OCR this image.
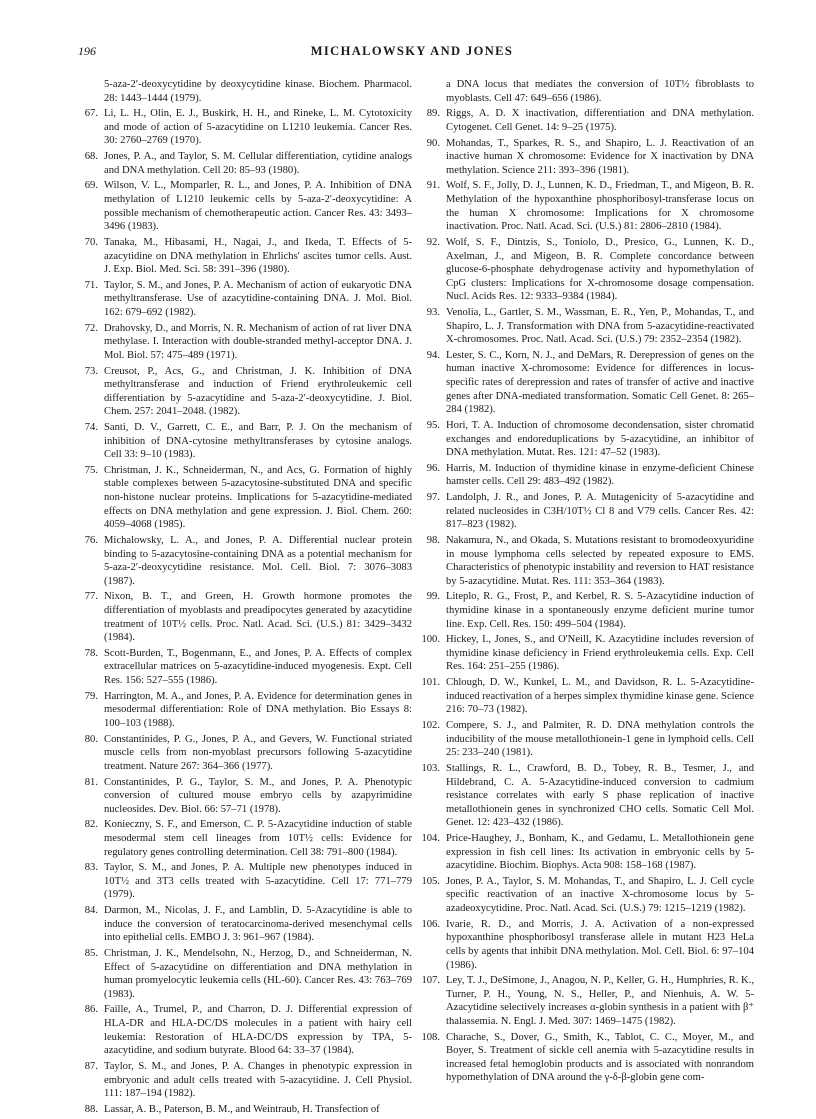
196	MICHALOWSKY AND JONES
5-aza-2′-deoxycytidine by deoxycytidine kinase. Biochem. Pharmacol. 28: 1443–1444 (1979).
67. Li, L. H., Olin, E. J., Buskirk, H. H., and Rineke, L. M. Cytotoxicity and mode of action of 5-azacytidine on L1210 leukemia. Cancer Res. 30: 2760–2769 (1970).
68. Jones, P. A., and Taylor, S. M. Cellular differentiation, cytidine analogs and DNA methylation. Cell 20: 85–93 (1980).
69. Wilson, V. L., Momparler, R. L., and Jones, P. A. Inhibition of DNA methylation of L1210 leukemic cells by 5-aza-2′-deoxycytidine: A possible mechanism of chemotherapeutic action. Cancer Res. 43: 3493–3496 (1983).
70. Tanaka, M., Hibasami, H., Nagai, J., and Ikeda, T. Effects of 5-azacytidine on DNA methylation in Ehrlichs' ascites tumor cells. Aust. J. Exp. Biol. Med. Sci. 58: 391–396 (1980).
71. Taylor, S. M., and Jones, P. A. Mechanism of action of eukaryotic DNA methyltransferase. Use of azacytidine-containing DNA. J. Mol. Biol. 162: 679–692 (1982).
72. Drahovsky, D., and Morris, N. R. Mechanism of action of rat liver DNA methylase. I. Interaction with double-stranded methyl-acceptor DNA. J. Mol. Biol. 57: 475–489 (1971).
73. Creusot, P., Acs, G., and Christman, J. K. Inhibition of DNA methyltransferase and induction of Friend erythroleukemic cell differentiation by 5-azacytidine and 5-aza-2′-deoxycytidine. J. Biol. Chem. 257: 2041–2048. (1982).
74. Santi, D. V., Garrett, C. E., and Barr, P. J. On the mechanism of inhibition of DNA-cytosine methyltransferases by cytosine analogs. Cell 33: 9–10 (1983).
75. Christman, J. K., Schneiderman, N., and Acs, G. Formation of highly stable complexes between 5-azacytosine-substituted DNA and specific non-histone nuclear proteins. Implications for 5-azacytidine-mediated effects on DNA methylation and gene expression. J. Biol. Chem. 260: 4059–4068 (1985).
76. Michalowsky, L. A., and Jones, P. A. Differential nuclear protein binding to 5-azacytosine-containing DNA as a potential mechanism for 5-aza-2′-deoxycytidine resistance. Mol. Cell. Biol. 7: 3076–3083 (1987).
77. Nixon, B. T., and Green, H. Growth hormone promotes the differentiation of myoblasts and preadipocytes generated by azacytidine treatment of 10T½ cells. Proc. Natl. Acad. Sci. (U.S.) 81: 3429–3432 (1984).
78. Scott-Burden, T., Bogenmann, E., and Jones, P. A. Effects of complex extracellular matrices on 5-azacytidine-induced myogenesis. Expt. Cell Res. 156: 527–555 (1986).
79. Harrington, M. A., and Jones, P. A. Evidence for determination genes in mesodermal differentiation: Role of DNA methylation. Bio Essays 8: 100–103 (1988).
80. Constantinides, P. G., Jones, P. A., and Gevers, W. Functional striated muscle cells from non-myoblast precursors following 5-azacytidine treatment. Nature 267: 364–366 (1977).
81. Constantinides, P. G., Taylor, S. M., and Jones, P. A. Phenotypic conversion of cultured mouse embryo cells by azapyrimidine nucleosides. Dev. Biol. 66: 57–71 (1978).
82. Konieczny, S. F., and Emerson, C. P. 5-Azacytidine induction of stable mesodermal stem cell lineages from 10T½ cells: Evidence for regulatory genes controlling determination. Cell 38: 791–800 (1984).
83. Taylor, S. M., and Jones, P. A. Multiple new phenotypes induced in 10T½ and 3T3 cells treated with 5-azacytidine. Cell 17: 771–779 (1979).
84. Darmon, M., Nicolas, J. F., and Lamblin, D. 5-Azacytidine is able to induce the conversion of teratocarcinoma-derived mesenchymal cells into epithelial cells. EMBO J. 3: 961–967 (1984).
85. Christman, J. K., Mendelsohn, N., Herzog, D., and Schneiderman, N. Effect of 5-azacytidine on differentiation and DNA methylation in human promyelocytic leukemia cells (HL-60). Cancer Res. 43: 763–769 (1983).
86. Faille, A., Trumel, P., and Charron, D. J. Differential expression of HLA-DR and HLA-DC/DS molecules in a patient with hairy cell leukemia: Restoration of HLA-DC/DS expression by TPA, 5-azacytidine, and sodium butyrate. Blood 64: 33–37 (1984).
87. Taylor, S. M., and Jones, P. A. Changes in phenotypic expression in embryonic and adult cells treated with 5-azacytidine. J. Cell Physiol. 111: 187–194 (1982).
88. Lassar, A. B., Paterson, B. M., and Weintraub, H. Transfection of
a DNA locus that mediates the conversion of 10T½ fibroblasts to myoblasts. Cell 47: 649–656 (1986).
89. Riggs, A. D. X inactivation, differentiation and DNA methylation. Cytogenet. Cell Genet. 14: 9–25 (1975).
90. Mohandas, T., Sparkes, R. S., and Shapiro, L. J. Reactivation of an inactive human X chromosome: Evidence for X inactivation by DNA methylation. Science 211: 393–396 (1981).
91. Wolf, S. F., Jolly, D. J., Lunnen, K. D., Friedman, T., and Migeon, B. R. Methylation of the hypoxanthine phosphoribosyl-transferase locus on the human X chromosome: Implications for X chromosome inactivation. Proc. Natl. Acad. Sci. (U.S.) 81: 2806–2810 (1984).
92. Wolf, S. F., Dintzis, S., Toniolo, D., Presico, G., Lunnen, K. D., Axelman, J., and Migeon, B. R. Complete concordance between glucose-6-phosphate dehydrogenase activity and hypomethylation of CpG clusters: Implications for X-chromosome dosage compensation. Nucl. Acids Res. 12: 9333–9384 (1984).
93. Venolia, L., Gartler, S. M., Wassman, E. R., Yen, P., Mohandas, T., and Shapiro, L. J. Transformation with DNA from 5-azacytidine-reactivated X-chromosomes. Proc. Natl. Acad. Sci. (U.S.) 79: 2352–2354 (1982).
94. Lester, S. C., Korn, N. J., and DeMars, R. Derepression of genes on the human inactive X-chromosome: Evidence for differences in locus-specific rates of derepression and rates of transfer of active and inactive genes after DNA-mediated transformation. Somatic Cell Genet. 8: 265–284 (1982).
95. Hori, T. A. Induction of chromosome decondensation, sister chromatid exchanges and endoreduplications by 5-azacytidine, an inhibitor of DNA methylation. Mutat. Res. 121: 47–52 (1983).
96. Harris, M. Induction of thymidine kinase in enzyme-deficient Chinese hamster cells. Cell 29: 483–492 (1982).
97. Landolph, J. R., and Jones, P. A. Mutagenicity of 5-azacytidine and related nucleosides in C3H/10T½ Cl 8 and V79 cells. Cancer Res. 42: 817–823 (1982).
98. Nakamura, N., and Okada, S. Mutations resistant to bromodeoxyuridine in mouse lymphoma cells selected by repeated exposure to EMS. Characteristics of phenotypic instability and reversion to HAT resistance by 5-azacytidine. Mutat. Res. 111: 353–364 (1983).
99. Liteplo, R. G., Frost, P., and Kerbel, R. S. 5-Azacytidine induction of thymidine kinase in a spontaneously enzyme deficient murine tumor line. Exp. Cell. Res. 150: 499–504 (1984).
100. Hickey, I., Jones, S., and O'Neill, K. Azacytidine includes reversion of thymidine kinase deficiency in Friend erythroleukemia cells. Exp. Cell Res. 164: 251–255 (1986).
101. Chlough, D. W., Kunkel, L. M., and Davidson, R. L. 5-Azacytidine-induced reactivation of a herpes simplex thymidine kinase gene. Science 216: 70–73 (1982).
102. Compere, S. J., and Palmiter, R. D. DNA methylation controls the inducibility of the mouse metallothionein-1 gene in lymphoid cells. Cell 25: 233–240 (1981).
103. Stallings, R. L., Crawford, B. D., Tobey, R. B., Tesmer, J., and Hildebrand, C. A. 5-Azacytidine-induced conversion to cadmium resistance correlates with early S phase replication of inactive metallothionein genes in synchronized CHO cells. Somatic Cell Mol. Genet. 12: 423–432 (1986).
104. Price-Haughey, J., Bonham, K., and Gedamu, L. Metallothionein gene expression in fish cell lines: Its activation in embryonic cells by 5-azacytidine. Biochim. Biophys. Acta 908: 158–168 (1987).
105. Jones, P. A., Taylor, S. M. Mohandas, T., and Shapiro, L. J. Cell cycle specific reactivation of an inactive X-chromosome locus by 5-azadeoxycytidine. Proc. Natl. Acad. Sci. (U.S.) 79: 1215–1219 (1982).
106. Ivarie, R. D., and Morris, J. A. Activation of a non-expressed hypoxanthine phosphoribosyl transferase allele in mutant H23 HeLa cells by agents that inhibit DNA methylation. Mol. Cell. Biol. 6: 97–104 (1986).
107. Ley, T. J., DeSimone, J., Anagou, N. P., Keller, G. H., Humphries, R. K., Turner, P. H., Young, N. S., Heller, P., and Nienhuis, A. W. 5-Azacytidine selectively increases α-globin synthesis in a patient with β⁺ thalassemia. N. Engl. J. Med. 307: 1469–1475 (1982).
108. Charache, S., Dover, G., Smith, K., Tablot, C. C., Moyer, M., and Boyer, S. Treatment of sickle cell anemia with 5-azacytidine results in increased fetal hemoglobin products and is associated with nonrandom hypomethylation of DNA around the γ-δ-β-globin gene com-
